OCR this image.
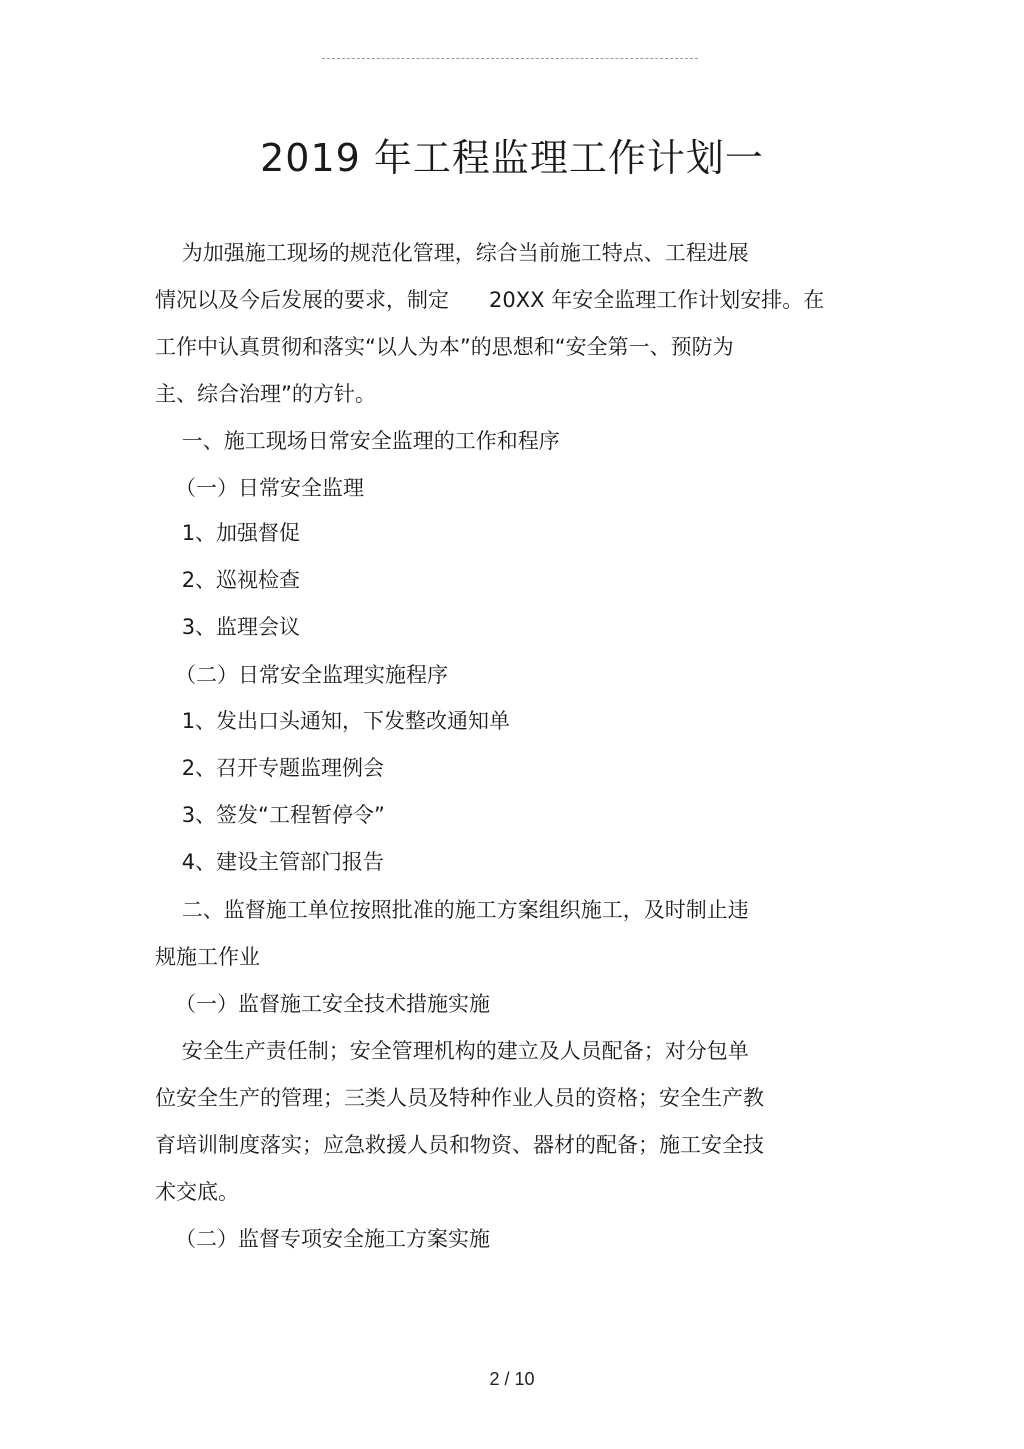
2019 年工程监理工作计划一
为加强施工现场的规范化管理，综合当前施工特点、工程进展
情况以及今后发展的要求，制定      20XX 年安全监理工作计划安排。在
工作中认真贯彻和落实“以人为本”的思想和“安全第一、预防为
主、综合治理”的方针。
一、施工现场日常安全监理的工作和程序
（一）日常安全监理
1、加强督促
2、巡视检查
3、监理会议
（二）日常安全监理实施程序
1、发出口头通知，下发整改通知单
2、召开专题监理例会
3、签发“工程暂停令”
4、建设主管部门报告
二、监督施工单位按照批准的施工方案组织施工，及时制止违
规施工作业
（一）监督施工安全技术措施实施
安全生产责任制；安全管理机构的建立及人员配备；对分包单
位安全生产的管理；三类人员及特种作业人员的资格；安全生产教
育培训制度落实；应急救援人员和物资、器材的配备；施工安全技
术交底。
（二）监督专项安全施工方案实施
2 / 10
